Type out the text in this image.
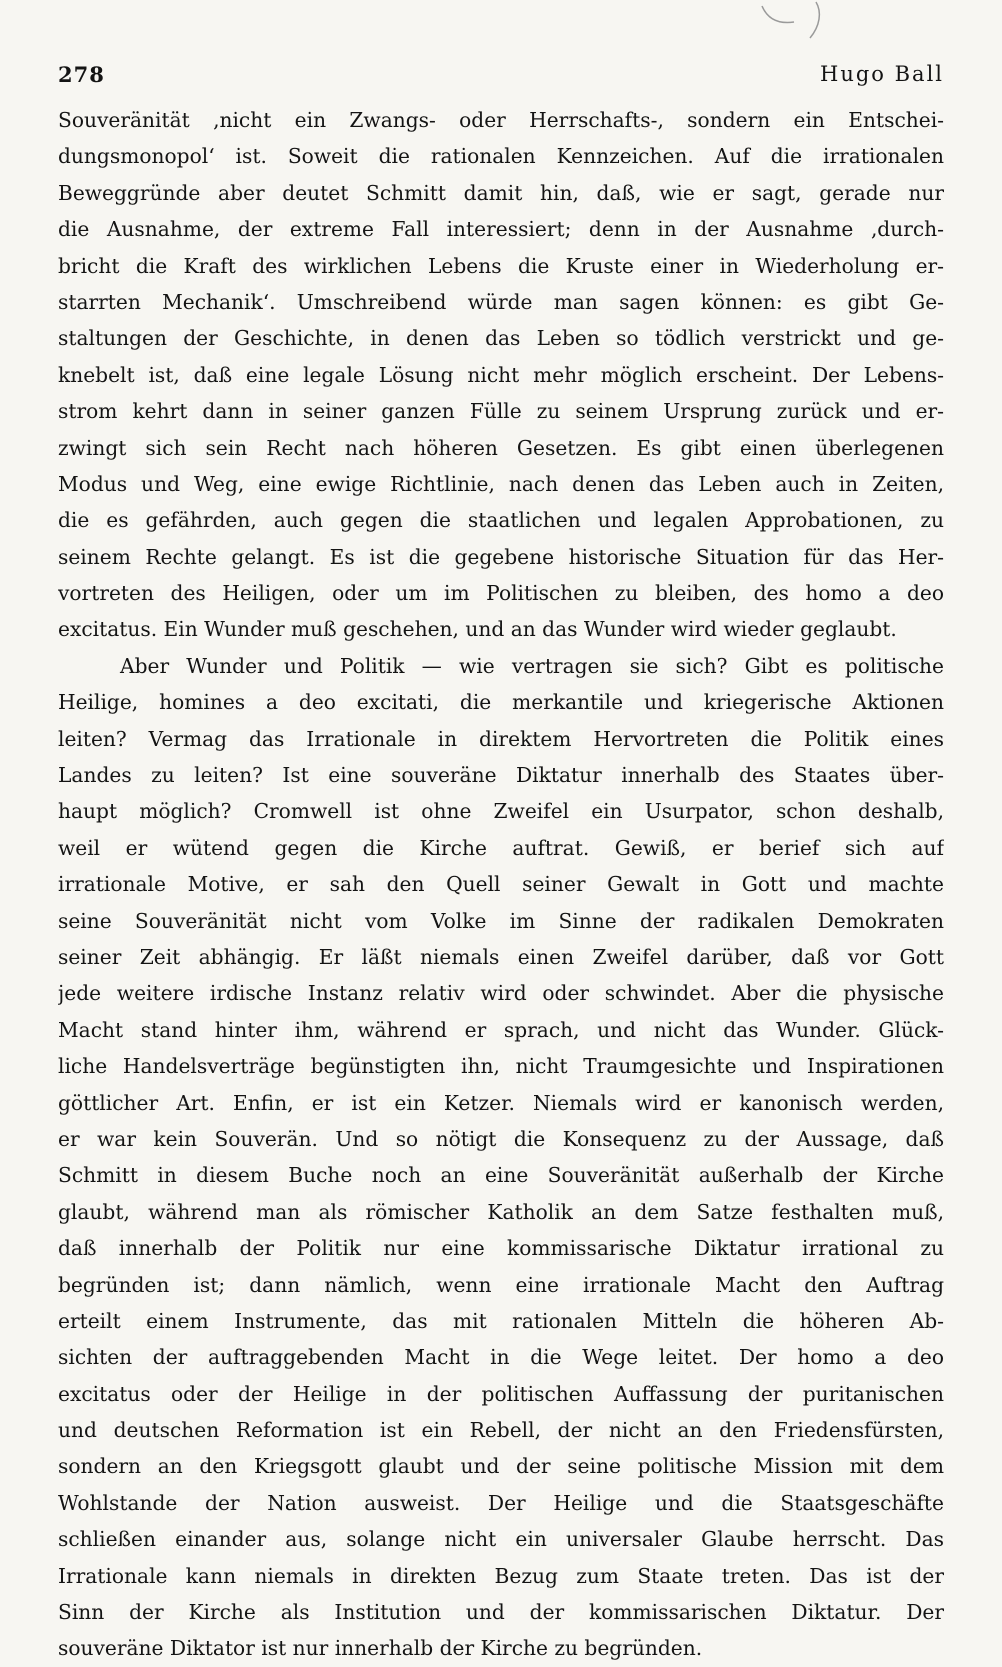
278	Hugo Ball
Souveränität ‚nicht ein Zwangs- oder Herrschafts-, sondern ein Entschei-
dungsmonopol‘ ist. Soweit die rationalen Kennzeichen. Auf die irrationalen
Beweggründe aber deutet Schmitt damit hin, daß, wie er sagt, gerade nur
die Ausnahme, der extreme Fall interessiert; denn in der Ausnahme ‚durch-
bricht die Kraft des wirklichen Lebens die Kruste einer in Wiederholung er-
starrten Mechanik‘. Umschreibend würde man sagen können: es gibt Ge-
staltungen der Geschichte, in denen das Leben so tödlich verstrickt und ge-
knebelt ist, daß eine legale Lösung nicht mehr möglich erscheint. Der Lebens-
strom kehrt dann in seiner ganzen Fülle zu seinem Ursprung zurück und er-
zwingt sich sein Recht nach höheren Gesetzen. Es gibt einen überlegenen
Modus und Weg, eine ewige Richtlinie, nach denen das Leben auch in Zeiten,
die es gefährden, auch gegen die staatlichen und legalen Approbationen, zu
seinem Rechte gelangt. Es ist die gegebene historische Situation für das Her-
vortreten des Heiligen, oder um im Politischen zu bleiben, des homo a deo
excitatus. Ein Wunder muß geschehen, und an das Wunder wird wieder geglaubt.
Aber Wunder und Politik — wie vertragen sie sich? Gibt es politische
Heilige, homines a deo excitati, die merkantile und kriegerische Aktionen
leiten? Vermag das Irrationale in direktem Hervortreten die Politik eines
Landes zu leiten? Ist eine souveräne Diktatur innerhalb des Staates über-
haupt möglich? Cromwell ist ohne Zweifel ein Usurpator, schon deshalb,
weil er wütend gegen die Kirche auftrat. Gewiß, er berief sich auf
irrationale Motive, er sah den Quell seiner Gewalt in Gott und machte
seine Souveränität nicht vom Volke im Sinne der radikalen Demokraten
seiner Zeit abhängig. Er läßt niemals einen Zweifel darüber, daß vor Gott
jede weitere irdische Instanz relativ wird oder schwindet. Aber die physische
Macht stand hinter ihm, während er sprach, und nicht das Wunder. Glück-
liche Handelsverträge begünstigten ihn, nicht Traumgesichte und Inspirationen
göttlicher Art. Enfin, er ist ein Ketzer. Niemals wird er kanonisch werden,
er war kein Souverän. Und so nötigt die Konsequenz zu der Aussage, daß
Schmitt in diesem Buche noch an eine Souveränität außerhalb der Kirche
glaubt, während man als römischer Katholik an dem Satze festhalten muß,
daß innerhalb der Politik nur eine kommissarische Diktatur irrational zu
begründen ist; dann nämlich, wenn eine irrationale Macht den Auftrag
erteilt einem Instrumente, das mit rationalen Mitteln die höheren Ab-
sichten der auftraggebenden Macht in die Wege leitet. Der homo a deo
excitatus oder der Heilige in der politischen Auffassung der puritanischen
und deutschen Reformation ist ein Rebell, der nicht an den Friedensfürsten,
sondern an den Kriegsgott glaubt und der seine politische Mission mit dem
Wohlstande der Nation ausweist. Der Heilige und die Staatsgeschäfte
schließen einander aus, solange nicht ein universaler Glaube herrscht. Das
Irrationale kann niemals in direkten Bezug zum Staate treten. Das ist der
Sinn der Kirche als Institution und der kommissarischen Diktatur. Der
souveräne Diktator ist nur innerhalb der Kirche zu begründen.
